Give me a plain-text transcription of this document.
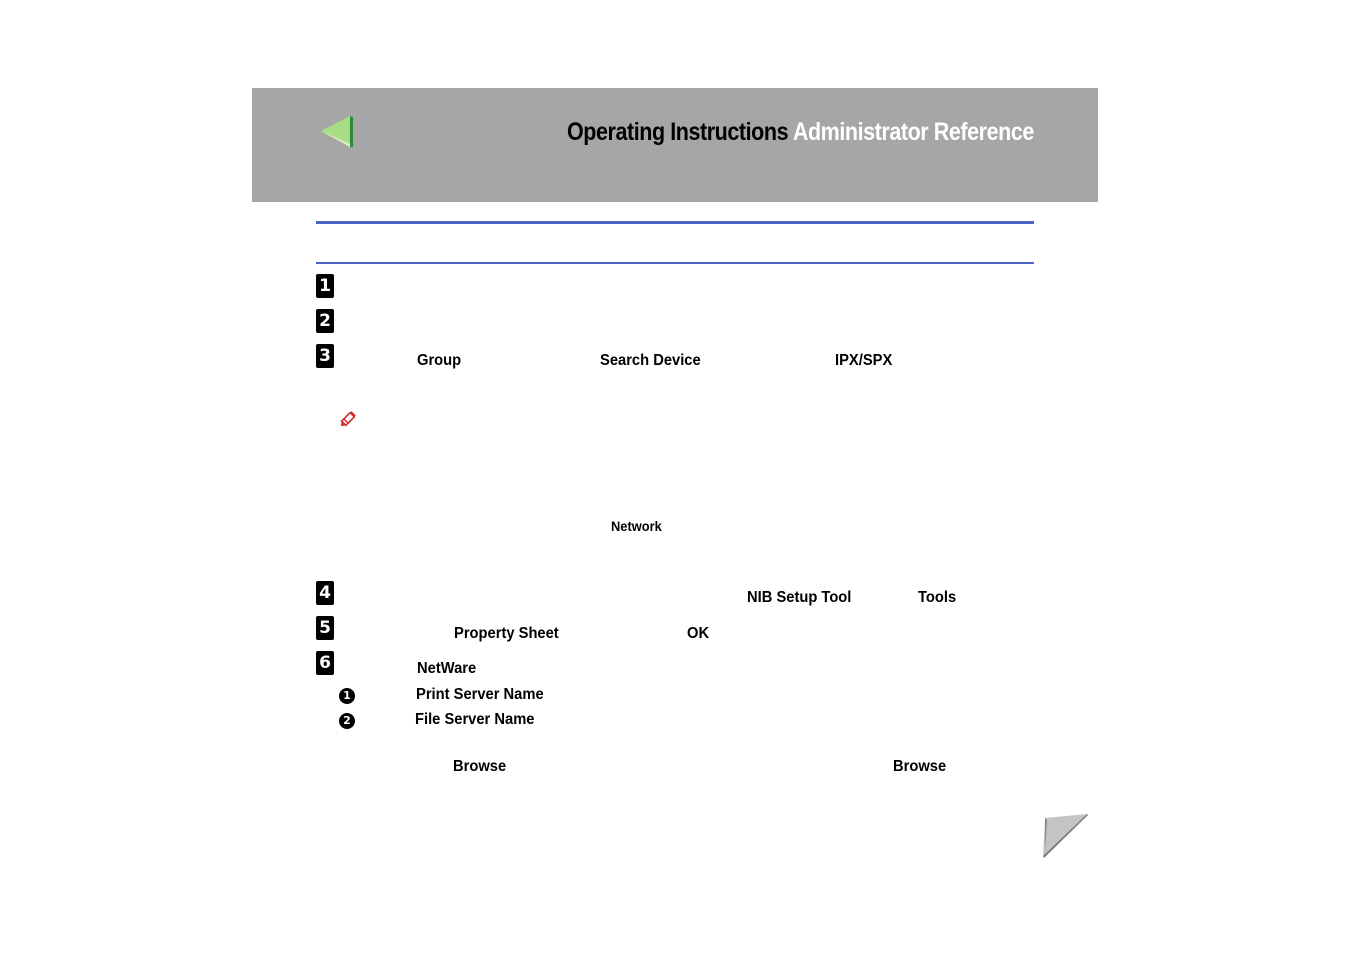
Operating Instructions Administrator Reference
1
2
3	Group	Search Device	IPX/SPX
Network
4	NIB Setup Tool	Tools
5	Property Sheet	OK
6	NetWare
1	Print Server Name
2	File Server Name
Browse	Browse
